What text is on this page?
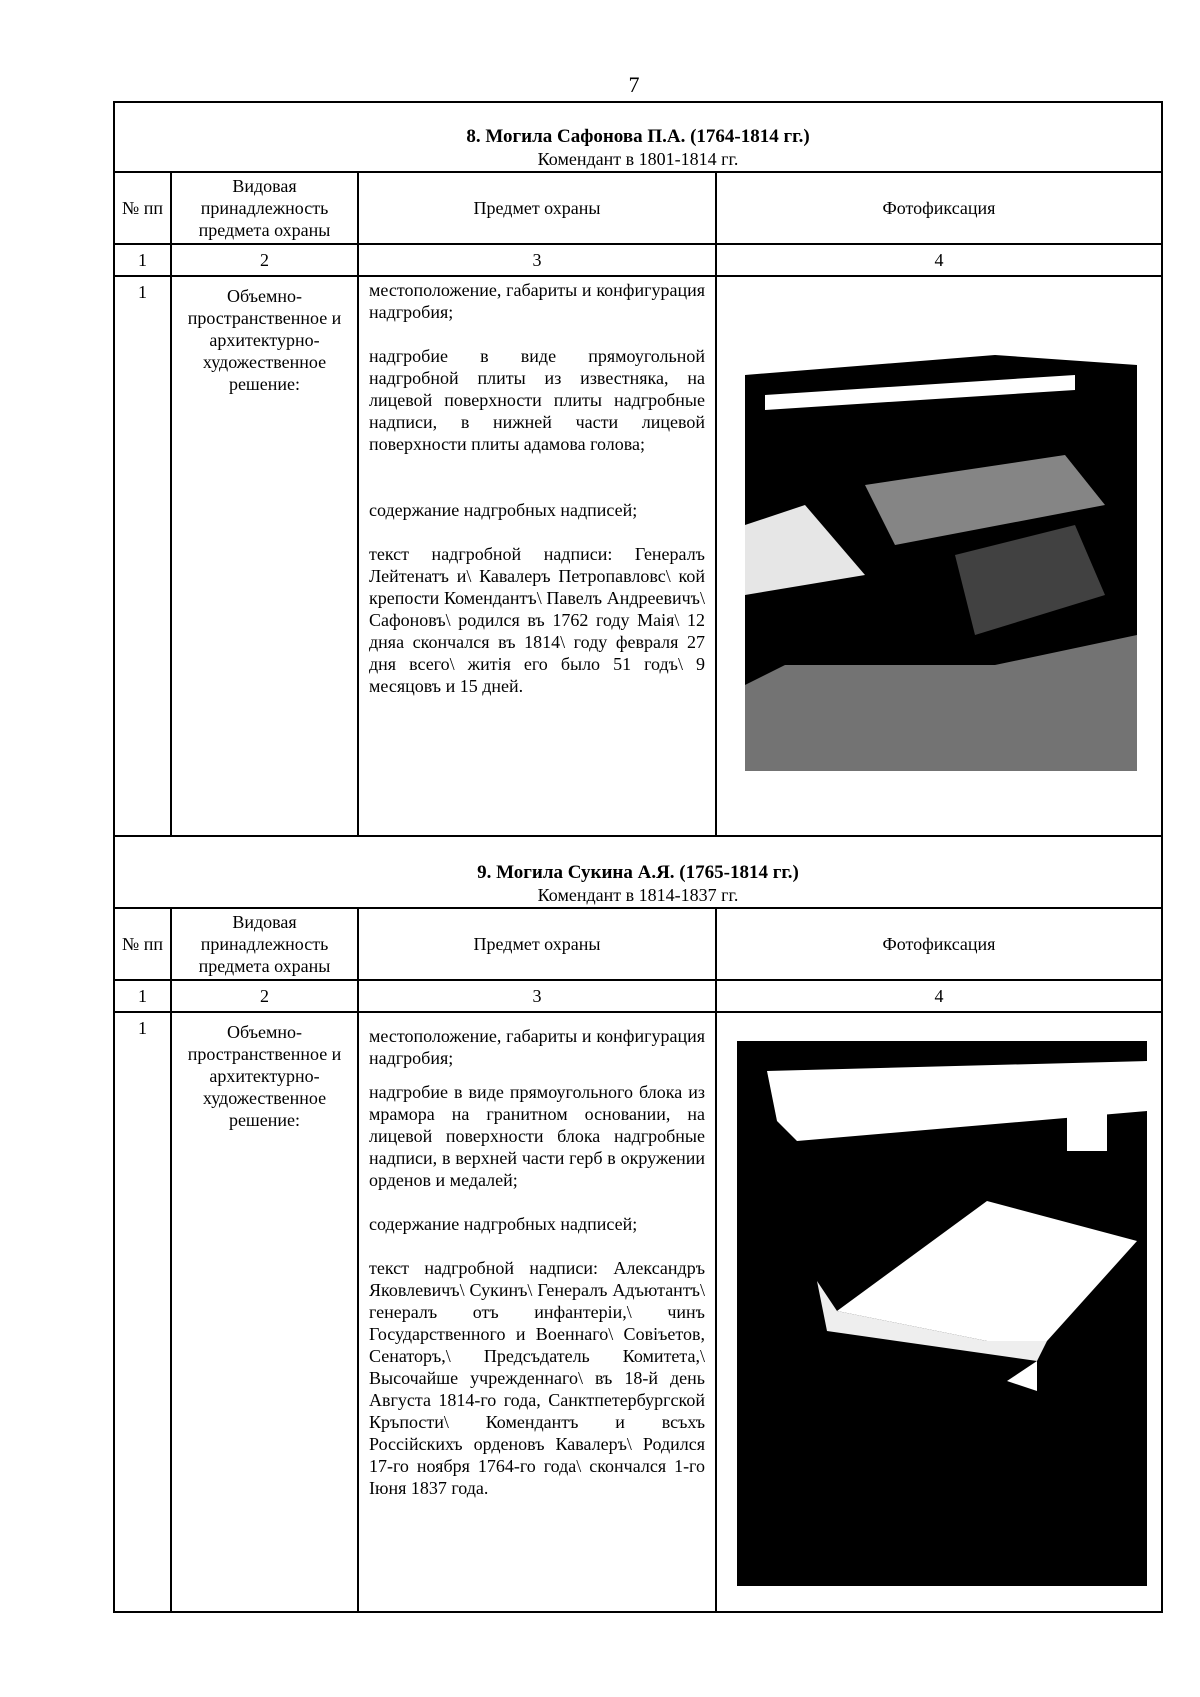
7
8. Могила Сафонова П.А. (1764-1814 гг.)
Комендант в 1801-1814 гг.			

№ пп	Видовая принадлежность предмета охраны	Предмет охраны	Фотофиксация
1	2	3	4
1	Объемно-пространственное и архитектурно-художественное решение:	местоположение, габариты и конфигурация надгробия;

надгробие в виде прямоугольной надгробной плиты из известняка, на лицевой поверхности плиты надгробные надписи, в нижней части лицевой поверхности плиты адамова голова;

содержание надгробных надписей;

текст надгробной надписи: Генералъ Лейтенатъ и\ Кавалеръ Петропавловс\ кой крепости Комендантъ\ Павелъ Андреевичъ\ Сафоновъ\ родился въ 1762 году Маія\ 12 дняа скончался въ 1814\ году февраля 27 дня всего\ житія его было 51 годъ\ 9 месяцовъ и 15 дней.

9. Могила Сукина А.Я. (1765-1814 гг.)
Комендант в 1814-1837 гг.			

№ пп	Видовая принадлежность предмета охраны	Предмет охраны	Фотофиксация
1	2	3	4
1	Объемно-пространственное и архитектурно-художественное решение:	местоположение, габариты и конфигурация надгробия;

надгробие в виде прямоугольного блока из мрамора на гранитном основании, на лицевой поверхности блока надгробные надписи, в верхней части герб в окружении орденов и медалей;

содержание надгробных надписей;

текст надгробной надписи: Александръ Яковлевичъ\ Сукинъ\ Генералъ Адъютантъ\ генералъ отъ инфантеріи,\ чинъ Государственного и Военнаго\ Совіъетов, Сенаторъ,\ Предсъдатель Комитета,\ Высочайше учрежденнаго\ въ 18-й день Августа 1814-го года, Санктпетербургской Кръпости\ Комендантъ и всъхъ Россійскихъ орденовъ Кавалеръ\ Родился 17-го ноября 1764-го года\ скончался 1-го Іюня 1837 года.
